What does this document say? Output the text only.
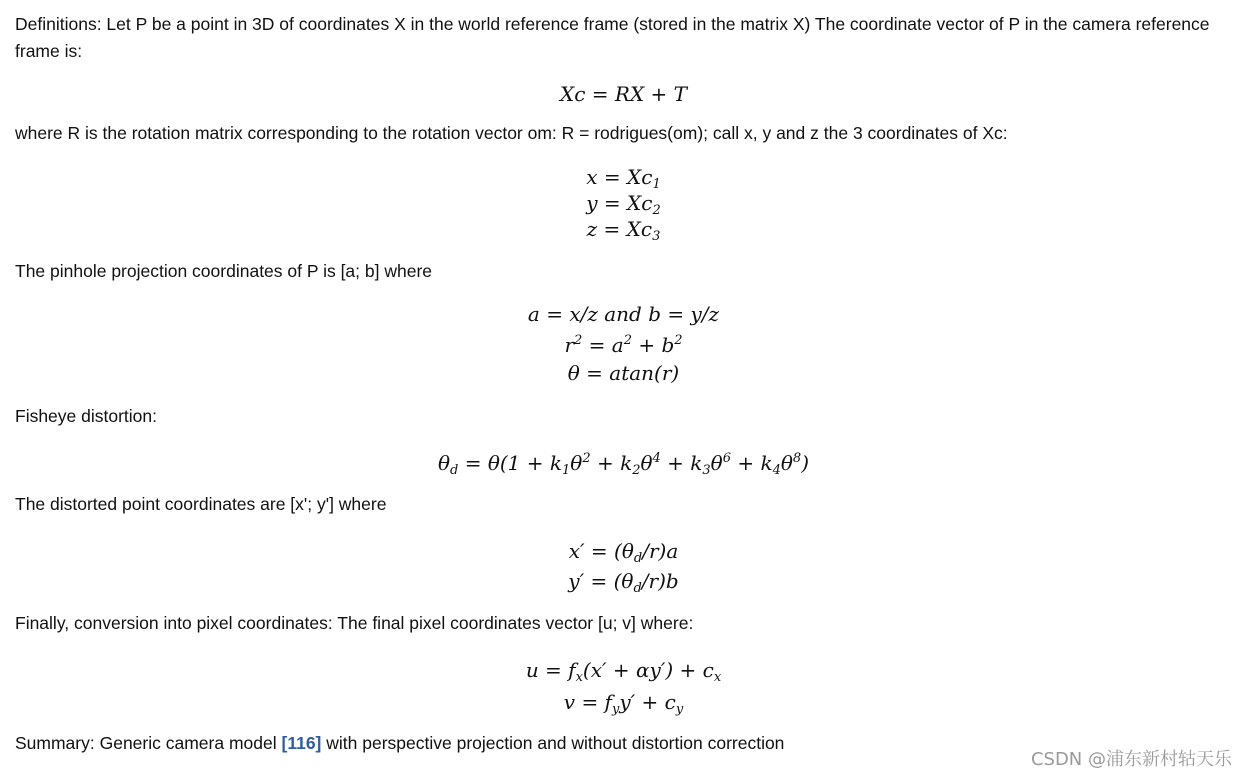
Definitions: Let P be a point in 3D of coordinates X in the world reference frame (stored in the matrix X) The coordinate vector of P in the camera reference frame is:
Xc = RX + T
where R is the rotation matrix corresponding to the rotation vector om: R = rodrigues(om); call x, y and z the 3 coordinates of Xc:
$x = Xc_1$
$y = Xc_2$
$z = Xc_3$
The pinhole projection coordinates of P is [a; b] where
a = x/z and b = y/z
$r^2 = a^2 + b^2$
θ = atan(r)
Fisheye distortion:
$\theta_d = \theta(1 + k_1\theta^2 + k_2\theta^4 + k_3\theta^6 + k_4\theta^8)$
The distorted point coordinates are [x'; y'] where
$x' = (\theta_d/r)a$
$y' = (\theta_d/r)b$
Finally, conversion into pixel coordinates: The final pixel coordinates vector [u; v] where:
$u = f_x(x' + \alpha y') + c_x$
$v = f_yy' + c_y$
Summary: Generic camera model [116] with perspective projection and without distortion correction
CSDN @浦东新村轱天乐
